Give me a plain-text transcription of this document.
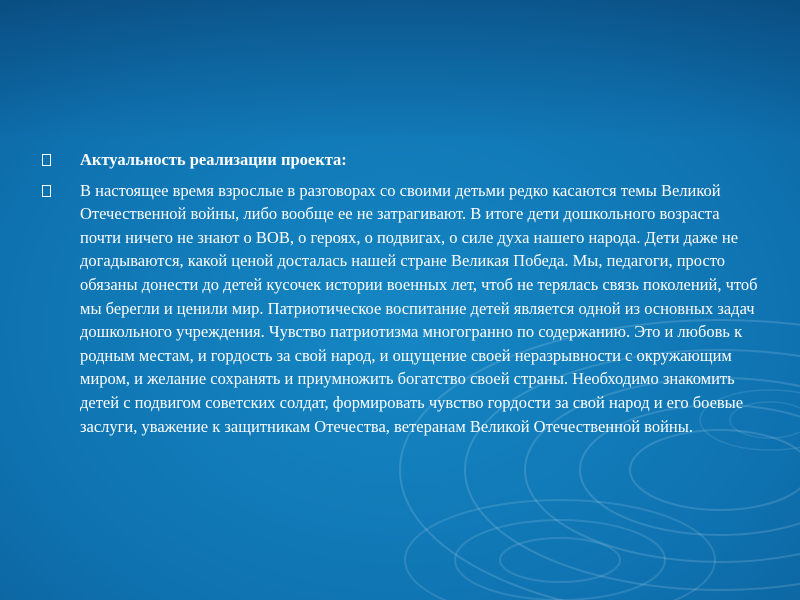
Актуальность реализации проекта:
В настоящее время взрослые в разговорах со своими детьми редко касаются темы Великой Отечественной войны, либо вообще ее не затрагивают. В итоге дети дошкольного возраста почти ничего не знают о ВОВ, о героях, о подвигах, о силе духа нашего народа. Дети даже не догадываются, какой ценой досталась нашей стране Великая Победа. Мы, педагоги, просто обязаны донести до детей кусочек истории военных лет, чтоб не терялась связь поколений, чтоб мы берегли и ценили мир. Патриотическое воспитание детей является одной из основных задач дошкольного учреждения. Чувство патриотизма многогранно по содержанию. Это и любовь к родным местам, и гордость за свой народ, и ощущение своей неразрывности с окружающим миром, и желание сохранять и приумножить богатство своей страны. Необходимо знакомить детей с подвигом советских солдат, формировать чувство гордости за свой народ и его боевые заслуги, уважение к защитникам Отечества, ветеранам Великой Отечественной войны.
